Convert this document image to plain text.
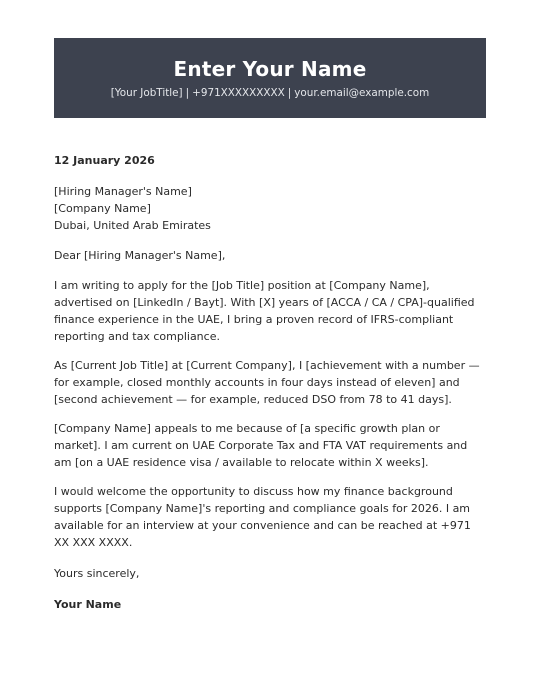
Enter Your Name
[Your JobTitle] | +971XXXXXXXXX | your.email@example.com

12 January 2026

[Hiring Manager's Name]

[Company Name]

Dubai, United Arab Emirates

Dear [Hiring Manager's Name],

I am writing to apply for the [Job Title] position at [Company Name], advertised on [LinkedIn / Bayt]. With [X] years of [ACCA / CA / CPA]-qualified finance experience in the UAE, I bring a proven record of IFRS-compliant reporting and tax compliance.

As [Current Job Title] at [Current Company], I [achievement with a number — for example, closed monthly accounts in four days instead of eleven] and [second achievement — for example, reduced DSO from 78 to 41 days].

[Company Name] appeals to me because of [a specific growth plan or market]. I am current on UAE Corporate Tax and FTA VAT requirements and am [on a UAE residence visa / available to relocate within X weeks].

I would welcome the opportunity to discuss how my finance background supports [Company Name]'s reporting and compliance goals for 2026. I am available for an interview at your convenience and can be reached at +971 XX XXX XXXX.

Yours sincerely,

Your Name
